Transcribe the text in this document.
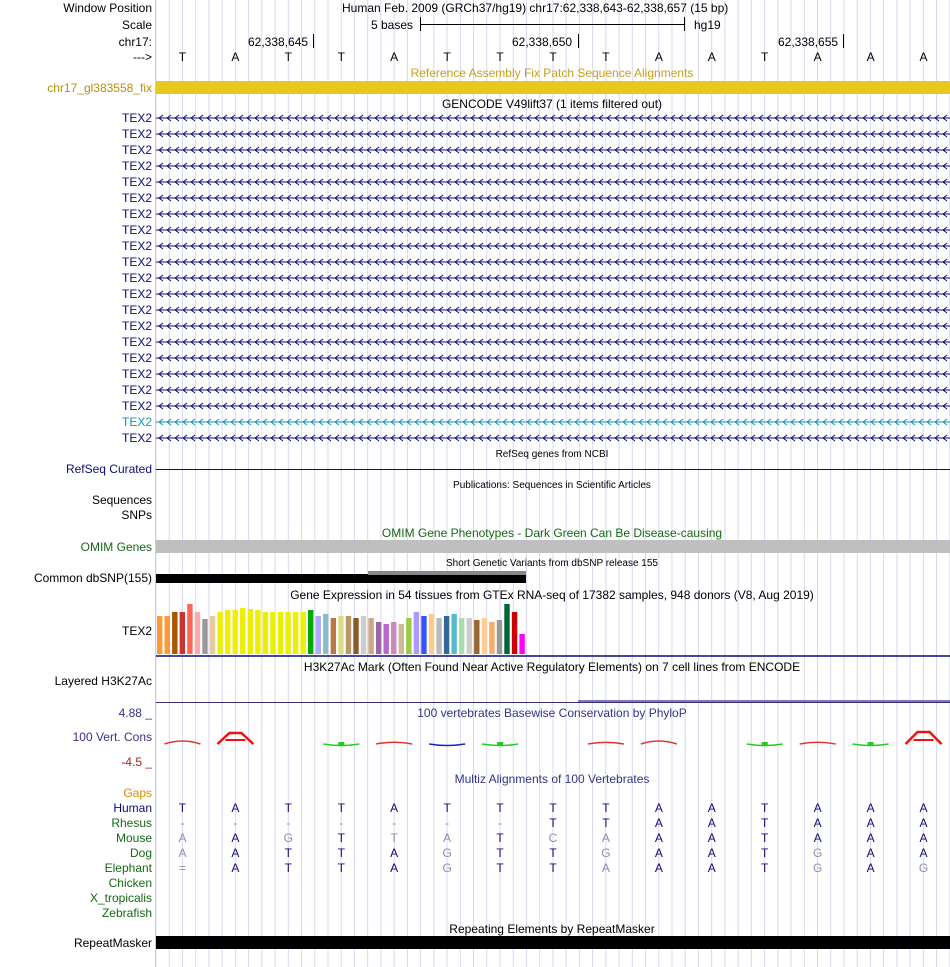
Window Position	Human Feb. 2009 (GRCh37/hg19) chr17:62,338,643-62,338,657 (15 bp)
Scale	5 bases	hg19
chr17:	62,338,645	62,338,650	62,338,655
---> T	A	T	T	A	T	T	T	T	A	A	T	A	A	A
Reference Assembly Fix Patch Sequence Alignments
chr17_gl383558_fix
GENCODE V49lift37 (1 items filtered out)
TEX2
TEX2
TEX2
TEX2
TEX2
TEX2
TEX2
TEX2
TEX2
TEX2
TEX2
TEX2
TEX2
TEX2
TEX2
TEX2
TEX2
TEX2
TEX2
TEX2
TEX2
RefSeq genes from NCBI
RefSeq Curated
Publications: Sequences in Scientific Articles
Sequences
SNPs
OMIM Gene Phenotypes - Dark Green Can Be Disease-causing
OMIM Genes
Short Genetic Variants from dbSNP release 155
Common dbSNP(155)
Gene Expression in 54 tissues from GTEx RNA-seq of 17382 samples, 948 donors (V8, Aug 2019)
TEX2
H3K27Ac Mark (Often Found Near Active Regulatory Elements) on 7 cell lines from ENCODE
Layered H3K27Ac
100 vertebrates Basewise Conservation by PhyloP
4.88 _
100 Vert. Cons
-4.5 _
Multiz Alignments of 100 Vertebrates
Gaps
Human T	A	T	T	A	T	T	T	T	A	A	T	A	A	A
Rhesus -	-	-	-	-	-	-	T	T	A	A	T	A	A	A
Mouse A	A	G	T	T	A	T	C	A	A	A	T	A	A	A
Dog A	A	T	T	A	G	T	T	G	A	A	T	G	A	A
Elephant =	A	T	T	A	G	T	T	A	A	A	T	G	A	G
Chicken
X_tropicalis
Zebrafish
Repeating Elements by RepeatMasker
RepeatMasker
